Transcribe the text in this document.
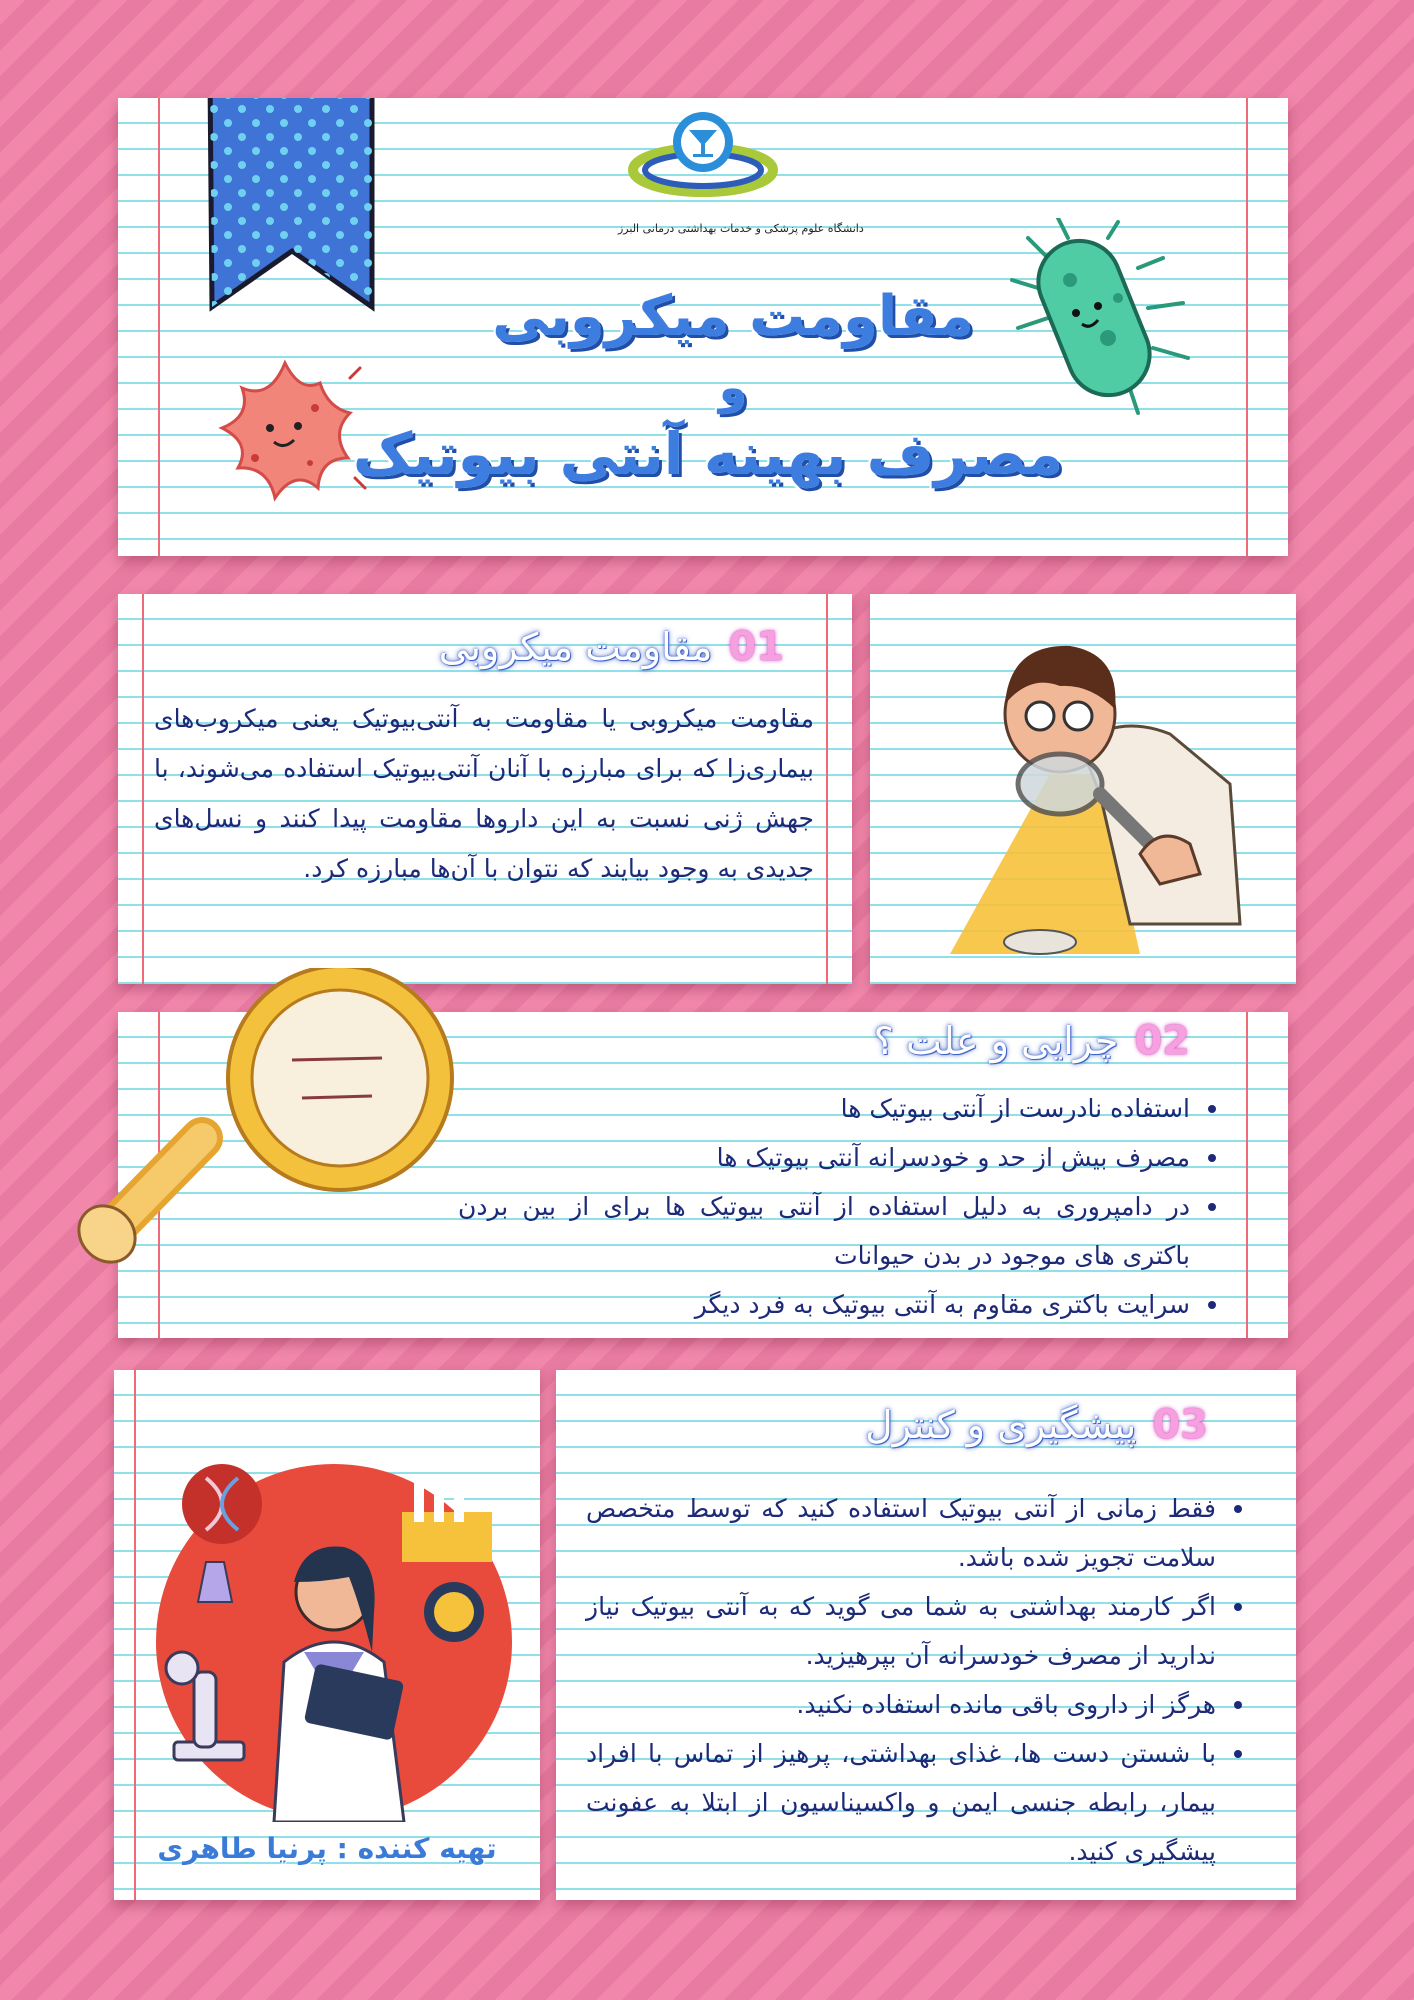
دانشگاه علوم پزشکی و خدمات بهداشتی درمانی البرز
مقاومت میکروبی
و
مصرف بهینه آنتی بیوتیک
01
مقاومت میکروبی
مقاومت میکروبی یا مقاومت به آنتی‌بیوتیک یعنی میکروب‌های بیماری‌زا که برای مبارزه با آنان آنتی‌بیوتیک استفاده می‌شوند، با جهش ژنی نسبت به این داروها مقاومت پیدا کنند و نسل‌های جدیدی به وجود بیایند که نتوان با آن‌ها مبارزه کرد.
02
چرایی و علت ؟
استفاده نادرست از آنتی بیوتیک ها
مصرف بیش از حد و خودسرانه آنتی بیوتیک ها
در دامپروری به دلیل استفاده از آنتی بیوتیک ها برای از بین بردن باکتری های موجود در بدن حیوانات
سرایت باکتری مقاوم به آنتی بیوتیک به فرد دیگر
تهیه کننده : پرنیا طاهری
03
پیشگیری و کنترل
فقط زمانی از آنتی بیوتیک استفاده کنید که توسط متخصص سلامت تجویز شده باشد.
اگر کارمند بهداشتی به شما می گوید که به آنتی بیوتیک نیاز ندارید از مصرف خودسرانه آن بپرهیزید.
هرگز از داروی باقی مانده استفاده نکنید.
با شستن دست ها، غذای بهداشتی، پرهیز از تماس با افراد بیمار، رابطه جنسی ایمن و واکسیناسیون از ابتلا به عفونت پیشگیری کنید.
